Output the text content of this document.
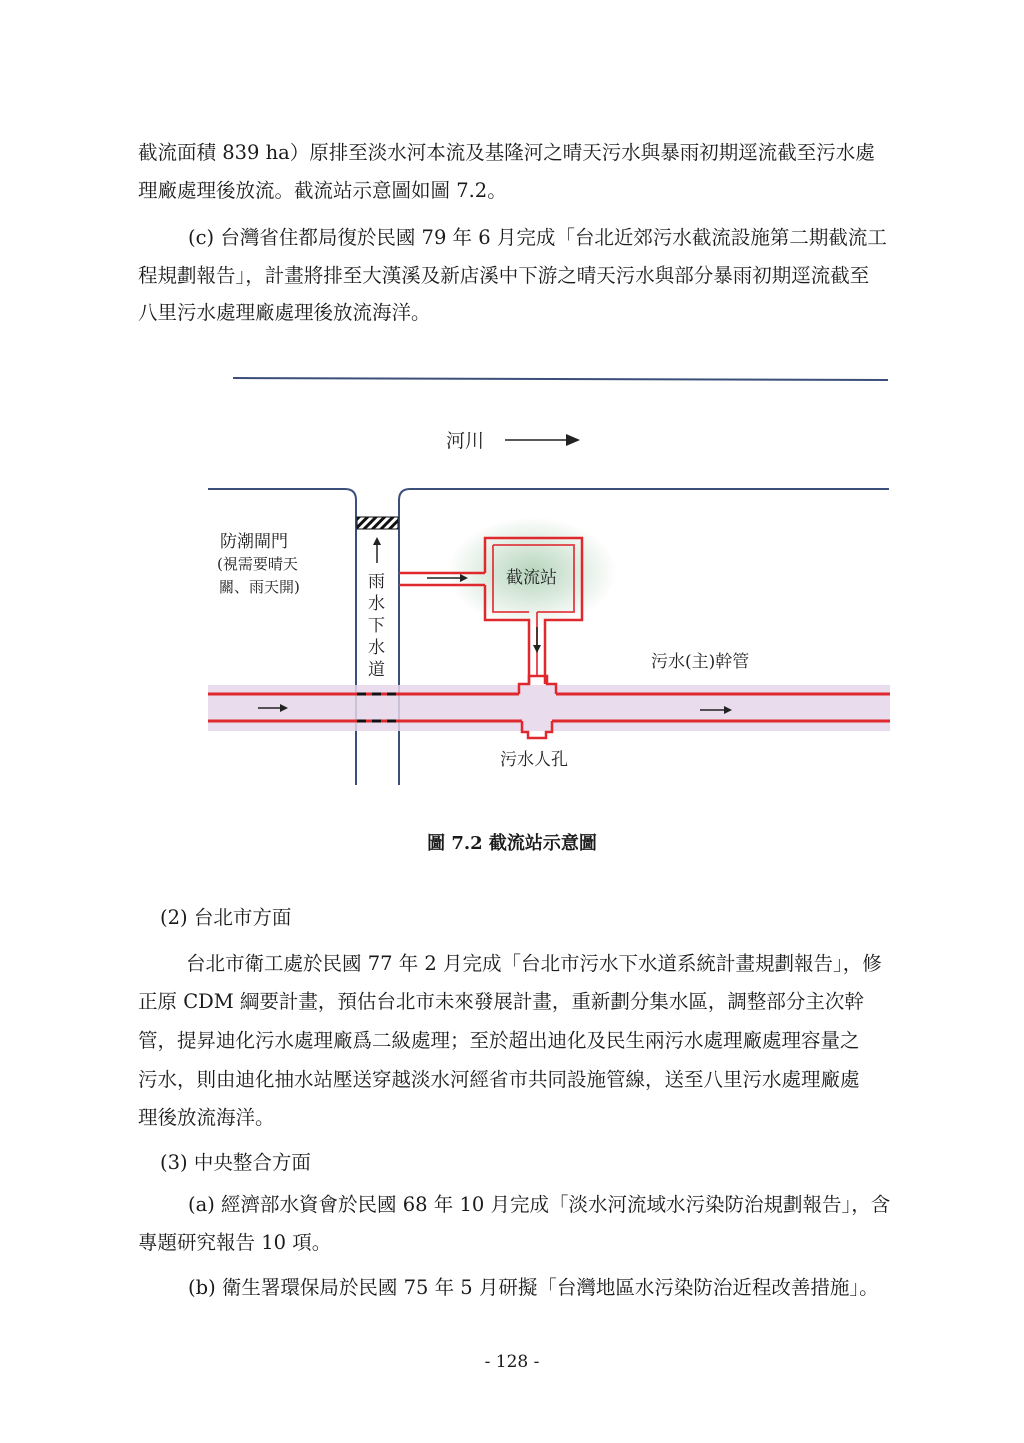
截流面積 839 ha）原排至淡水河本流及基隆河之晴天污水與暴雨初期逕流截至污水處
理廠處理後放流。截流站示意圖如圖 7.2。
(c) 台灣省住都局復於民國 79 年 6 月完成「台北近郊污水截流設施第二期截流工
程規劃報告」，計畫將排至大漢溪及新店溪中下游之晴天污水與部分暴雨初期逕流截至
八里污水處理廠處理後放流海洋。
河川
截流站
雨
水
下
水
道
防潮閘門
(視需要晴天
關、雨天開)
污水(主)幹管
污水人孔
圖 7.2 截流站示意圖
(2) 台北市方面
台北市衛工處於民國 77 年 2 月完成「台北市污水下水道系統計畫規劃報告」，修
正原 CDM 綱要計畫，預估台北市未來發展計畫，重新劃分集水區，調整部分主次幹
管，提昇迪化污水處理廠爲二級處理；至於超出迪化及民生兩污水處理廠處理容量之
污水，則由迪化抽水站壓送穿越淡水河經省市共同設施管線，送至八里污水處理廠處
理後放流海洋。
(3) 中央整合方面
(a) 經濟部水資會於民國 68 年 10 月完成「淡水河流域水污染防治規劃報告」，含
專題研究報告 10 項。
(b) 衛生署環保局於民國 75 年 5 月研擬「台灣地區水污染防治近程改善措施」。
- 128 -
